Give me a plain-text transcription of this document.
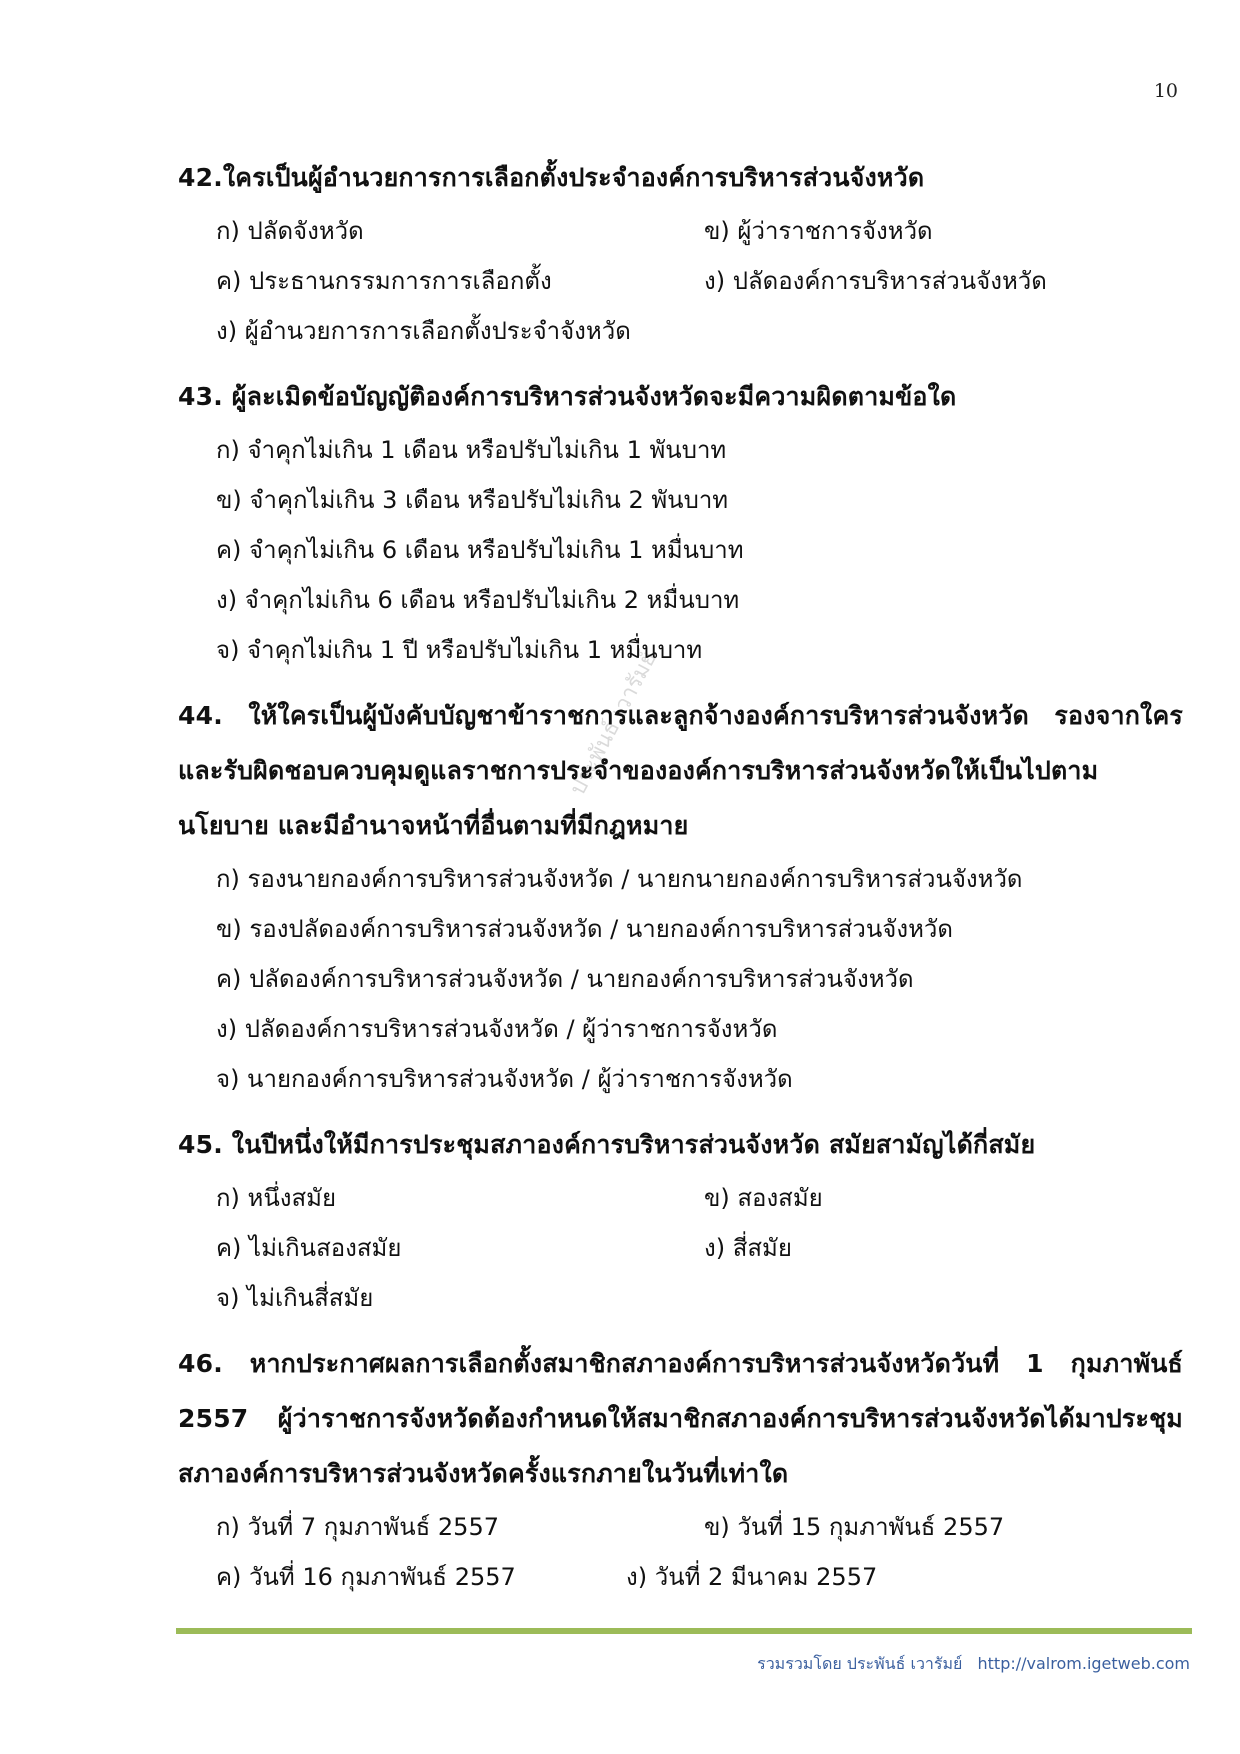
10
ประพันธ์ เวารัมย์
42.ใครเป็นผู้อำนวยการการเลือกตั้งประจำองค์การบริหารส่วนจังหวัด
ก) ปลัดจังหวัด	ข) ผู้ว่าราชการจังหวัด
ค) ประธานกรรมการการเลือกตั้ง	ง) ปลัดองค์การบริหารส่วนจังหวัด
ง) ผู้อำนวยการการเลือกตั้งประจำจังหวัด
43. ผู้ละเมิดข้อบัญญัติองค์การบริหารส่วนจังหวัดจะมีความผิดตามข้อใด
ก) จำคุกไม่เกิน 1 เดือน หรือปรับไม่เกิน 1 พันบาท
ข) จำคุกไม่เกิน 3 เดือน หรือปรับไม่เกิน 2 พันบาท
ค) จำคุกไม่เกิน 6 เดือน หรือปรับไม่เกิน 1 หมื่นบาท
ง) จำคุกไม่เกิน 6 เดือน หรือปรับไม่เกิน 2 หมื่นบาท
จ) จำคุกไม่เกิน 1 ปี หรือปรับไม่เกิน 1 หมื่นบาท
44. ให้ใครเป็นผู้บังคับบัญชาข้าราชการและลูกจ้างองค์การบริหารส่วนจังหวัด รองจากใคร และรับผิดชอบควบคุมดูแลราชการประจำขององค์การบริหารส่วนจังหวัดให้เป็นไปตามนโยบาย และมีอำนาจหน้าที่อื่นตามที่มีกฎหมาย
ก) รองนายกองค์การบริหารส่วนจังหวัด / นายกนายกองค์การบริหารส่วนจังหวัด
ข) รองปลัดองค์การบริหารส่วนจังหวัด / นายกองค์การบริหารส่วนจังหวัด
ค) ปลัดองค์การบริหารส่วนจังหวัด / นายกองค์การบริหารส่วนจังหวัด
ง) ปลัดองค์การบริหารส่วนจังหวัด / ผู้ว่าราชการจังหวัด
จ) นายกองค์การบริหารส่วนจังหวัด / ผู้ว่าราชการจังหวัด
45. ในปีหนึ่งให้มีการประชุมสภาองค์การบริหารส่วนจังหวัด สมัยสามัญได้กี่สมัย
ก) หนึ่งสมัย	ข) สองสมัย
ค) ไม่เกินสองสมัย	ง) สี่สมัย
จ) ไม่เกินสี่สมัย
46. หากประกาศผลการเลือกตั้งสมาชิกสภาองค์การบริหารส่วนจังหวัดวันที่ 1 กุมภาพันธ์ 2557 ผู้ว่าราชการจังหวัดต้องกำหนดให้สมาชิกสภาองค์การบริหารส่วนจังหวัดได้มาประชุมสภาองค์การบริหารส่วนจังหวัดครั้งแรกภายในวันที่เท่าใด
ก) วันที่ 7 กุมภาพันธ์ 2557	ข) วันที่ 15 กุมภาพันธ์ 2557
ค) วันที่ 16 กุมภาพันธ์ 2557	ง) วันที่ 2 มีนาคม 2557
รวมรวมโดย ประพันธ์ เวารัมย์ http://valrom.igetweb.com
